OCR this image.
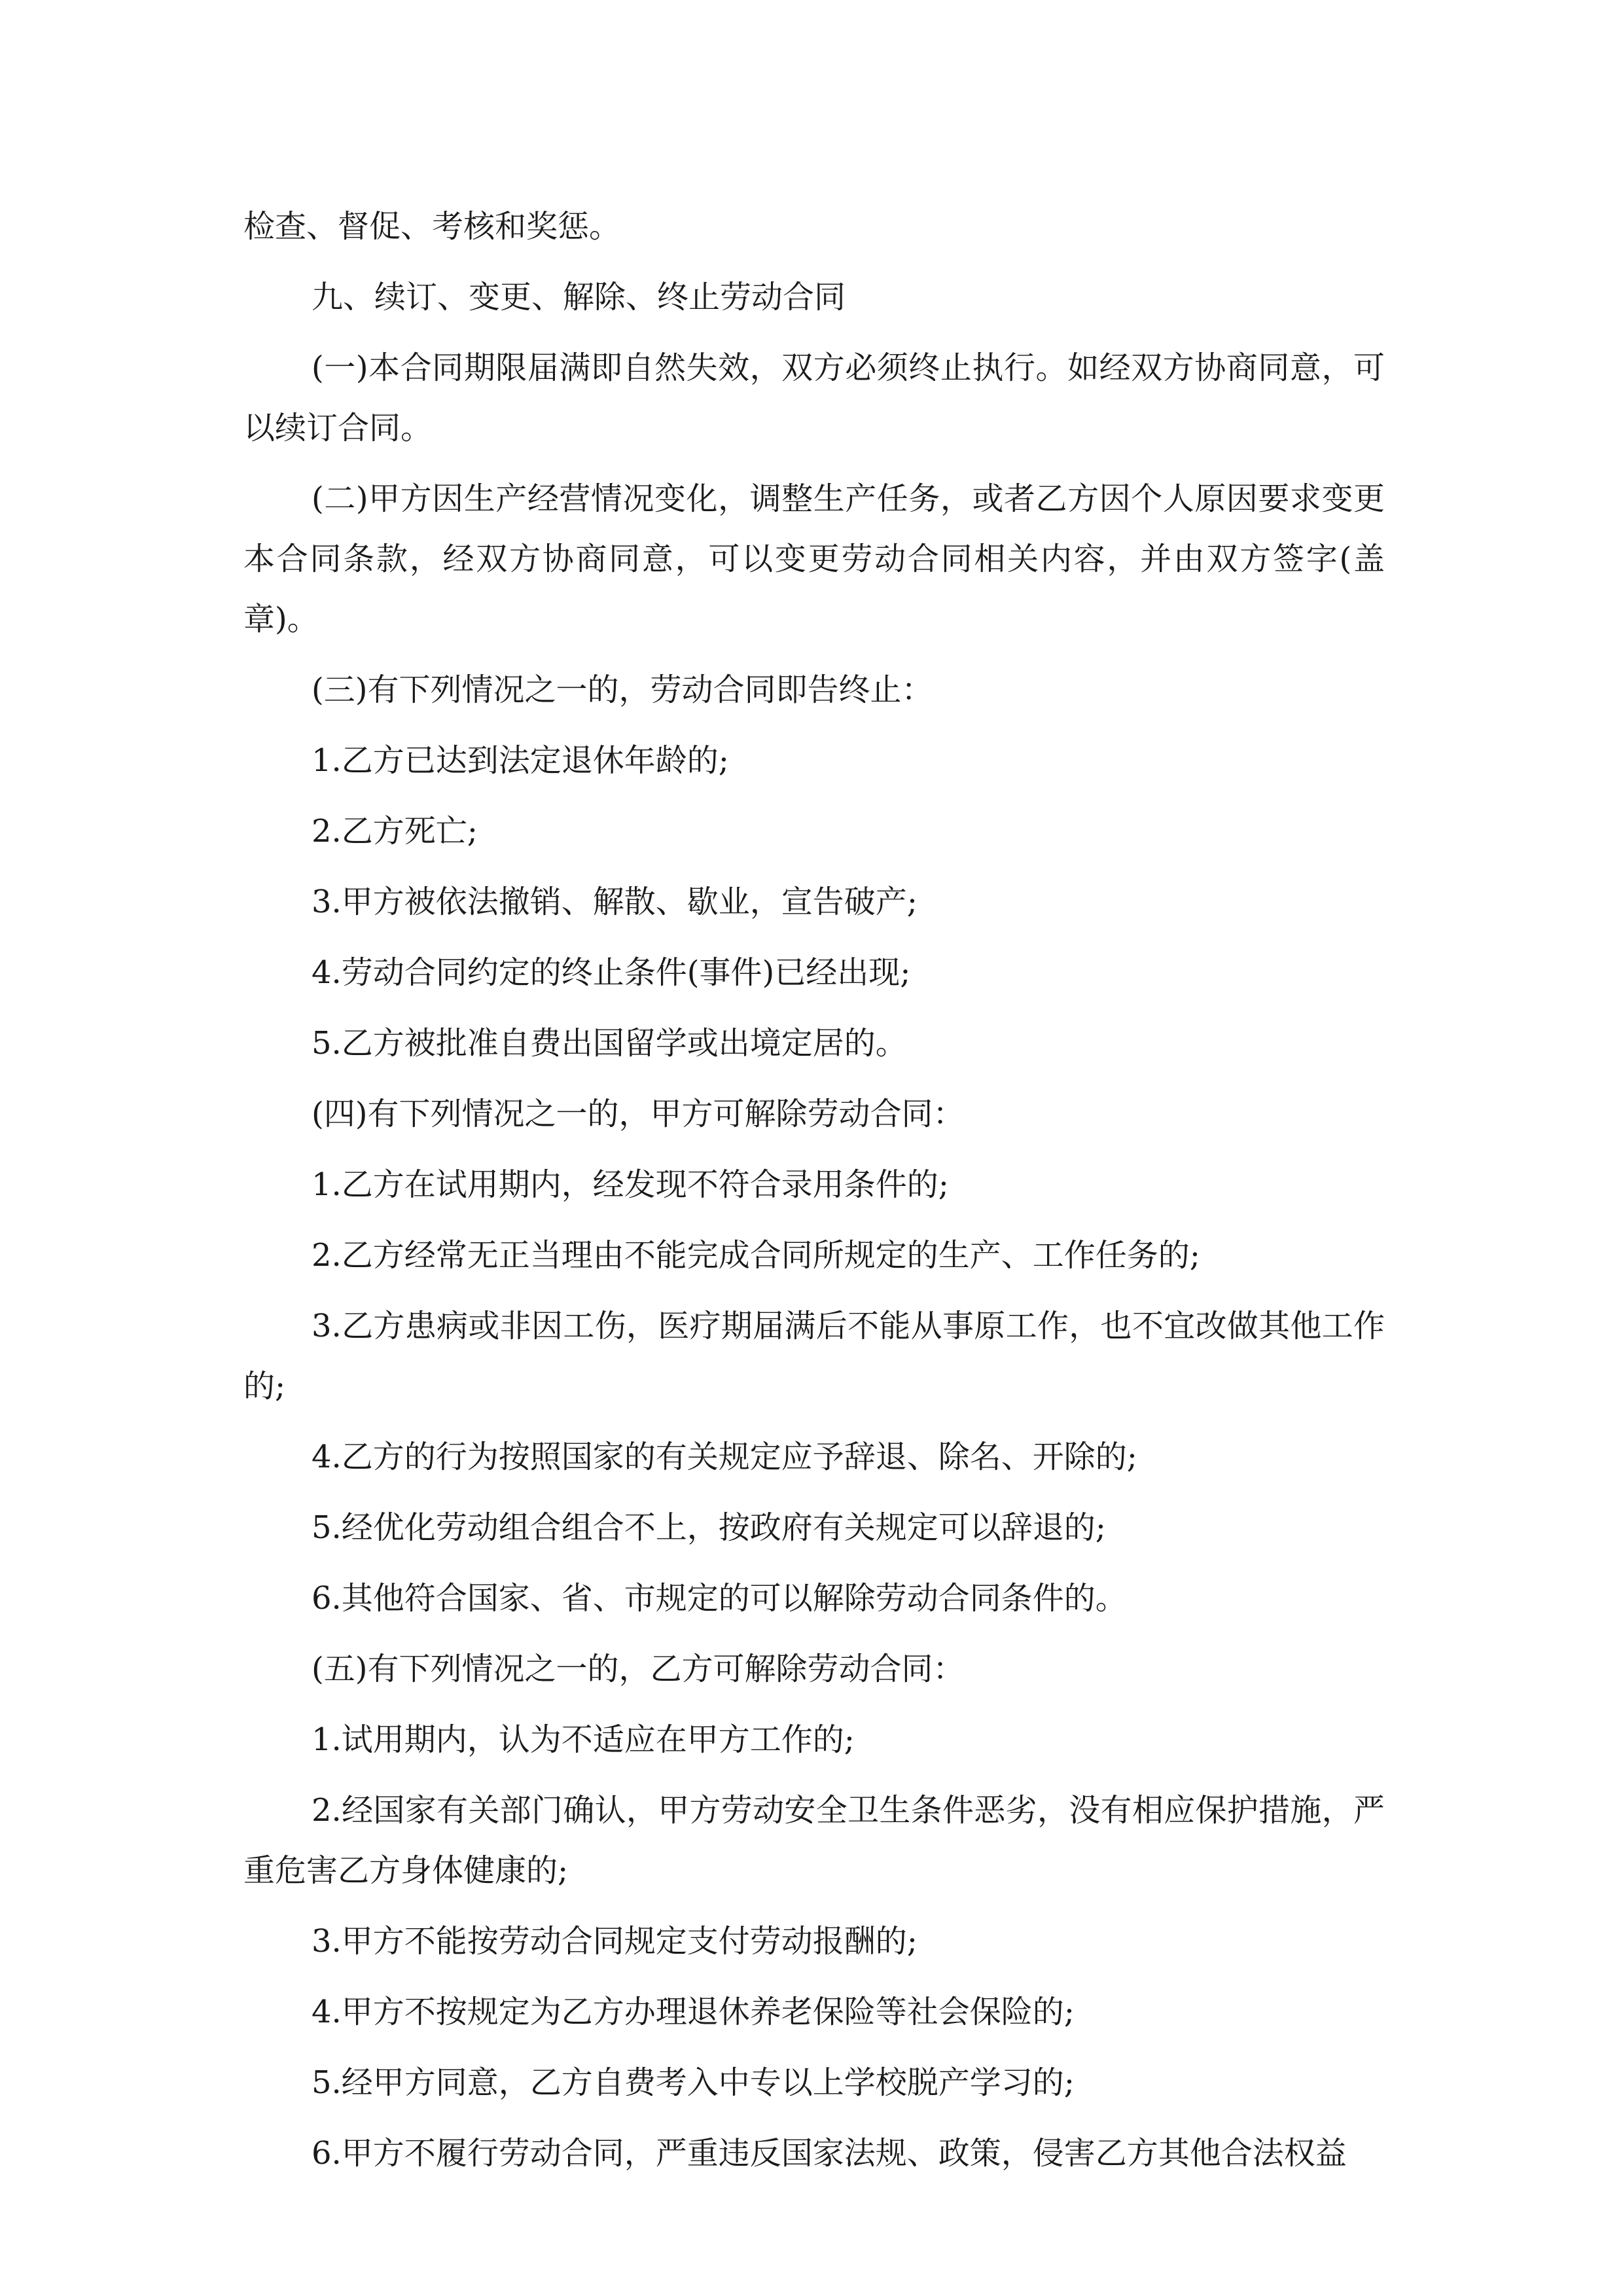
检查、督促、考核和奖惩。

九、续订、变更、解除、终止劳动合同

(一)本合同期限届满即自然失效，双方必须终止执行。如经双方协商同意，可以续订合同。

(二)甲方因生产经营情况变化，调整生产任务，或者乙方因个人原因要求变更本合同条款，经双方协商同意，可以变更劳动合同相关内容，并由双方签字(盖章)。

(三)有下列情况之一的，劳动合同即告终止：

1.乙方已达到法定退休年龄的;

2.乙方死亡;

3.甲方被依法撤销、解散、歇业，宣告破产;

4.劳动合同约定的终止条件(事件)已经出现;

5.乙方被批准自费出国留学或出境定居的。

(四)有下列情况之一的，甲方可解除劳动合同：

1.乙方在试用期内，经发现不符合录用条件的;

2.乙方经常无正当理由不能完成合同所规定的生产、工作任务的;

3.乙方患病或非因工伤，医疗期届满后不能从事原工作，也不宜改做其他工作的;

4.乙方的行为按照国家的有关规定应予辞退、除名、开除的;

5.经优化劳动组合组合不上，按政府有关规定可以辞退的;

6.其他符合国家、省、市规定的可以解除劳动合同条件的。

(五)有下列情况之一的，乙方可解除劳动合同：

1.试用期内，认为不适应在甲方工作的;

2.经国家有关部门确认，甲方劳动安全卫生条件恶劣，没有相应保护措施，严重危害乙方身体健康的;

3.甲方不能按劳动合同规定支付劳动报酬的;

4.甲方不按规定为乙方办理退休养老保险等社会保险的;

5.经甲方同意，乙方自费考入中专以上学校脱产学习的;

6.甲方不履行劳动合同，严重违反国家法规、政策，侵害乙方其他合法权益
